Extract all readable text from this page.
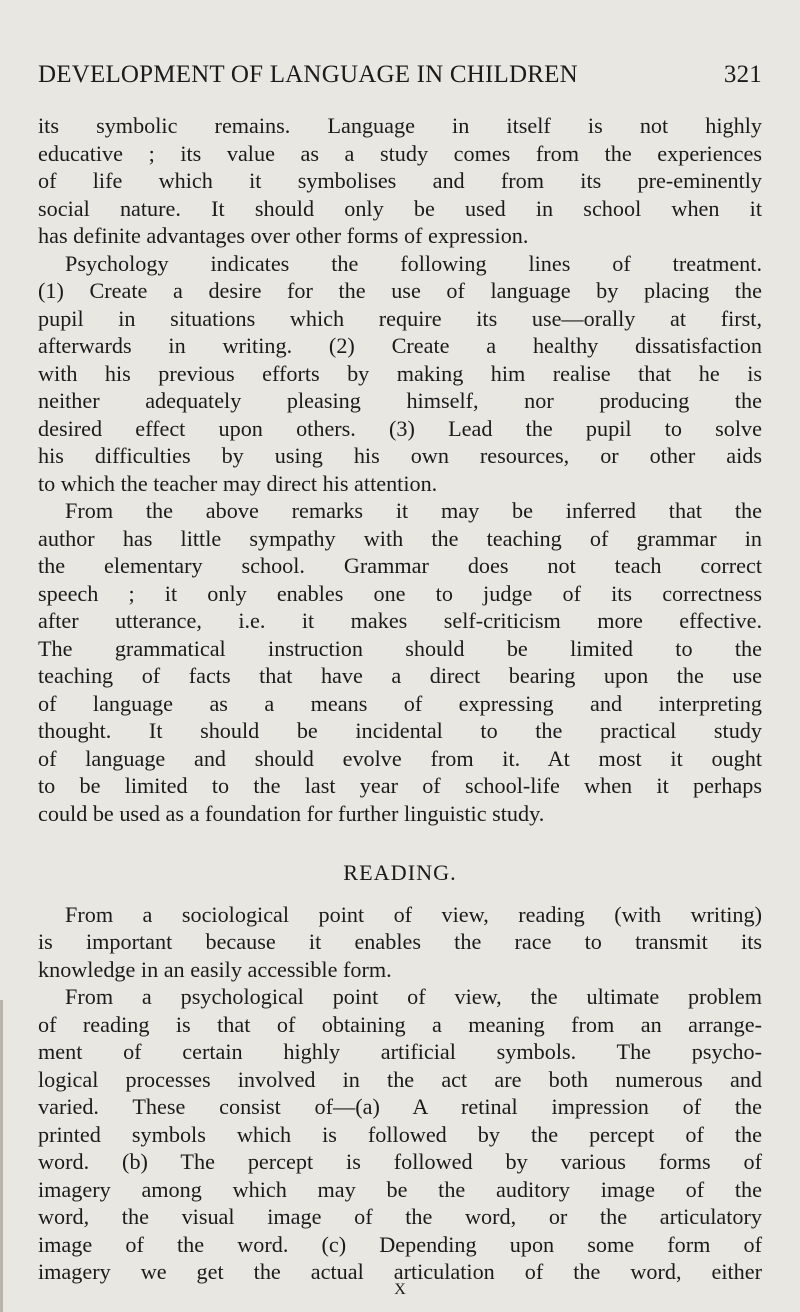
DEVELOPMENT OF LANGUAGE IN CHILDREN	321
its symbolic remains. Language in itself is not highly
educative ; its value as a study comes from the experiences
of life which it symbolises and from its pre-eminently
social nature. It should only be used in school when it
has definite advantages over other forms of expression.
Psychology indicates the following lines of treatment.
(1) Create a desire for the use of language by placing the
pupil in situations which require its use—orally at first,
afterwards in writing. (2) Create a healthy dissatisfaction
with his previous efforts by making him realise that he is
neither adequately pleasing himself, nor producing the
desired effect upon others. (3) Lead the pupil to solve
his difficulties by using his own resources, or other aids
to which the teacher may direct his attention.
From the above remarks it may be inferred that the
author has little sympathy with the teaching of grammar in
the elementary school. Grammar does not teach correct
speech ; it only enables one to judge of its correctness
after utterance, i.e. it makes self-criticism more effective.
The grammatical instruction should be limited to the
teaching of facts that have a direct bearing upon the use
of language as a means of expressing and interpreting
thought. It should be incidental to the practical study
of language and should evolve from it. At most it ought
to be limited to the last year of school-life when it perhaps
could be used as a foundation for further linguistic study.
READING.
From a sociological point of view, reading (with writing)
is important because it enables the race to transmit its
knowledge in an easily accessible form.
From a psychological point of view, the ultimate problem
of reading is that of obtaining a meaning from an arrange-
ment of certain highly artificial symbols. The psycho-
logical processes involved in the act are both numerous and
varied. These consist of—(a) A retinal impression of the
printed symbols which is followed by the percept of the
word. (b) The percept is followed by various forms of
imagery among which may be the auditory image of the
word, the visual image of the word, or the articulatory
image of the word. (c) Depending upon some form of
imagery we get the actual articulation of the word, either
X
